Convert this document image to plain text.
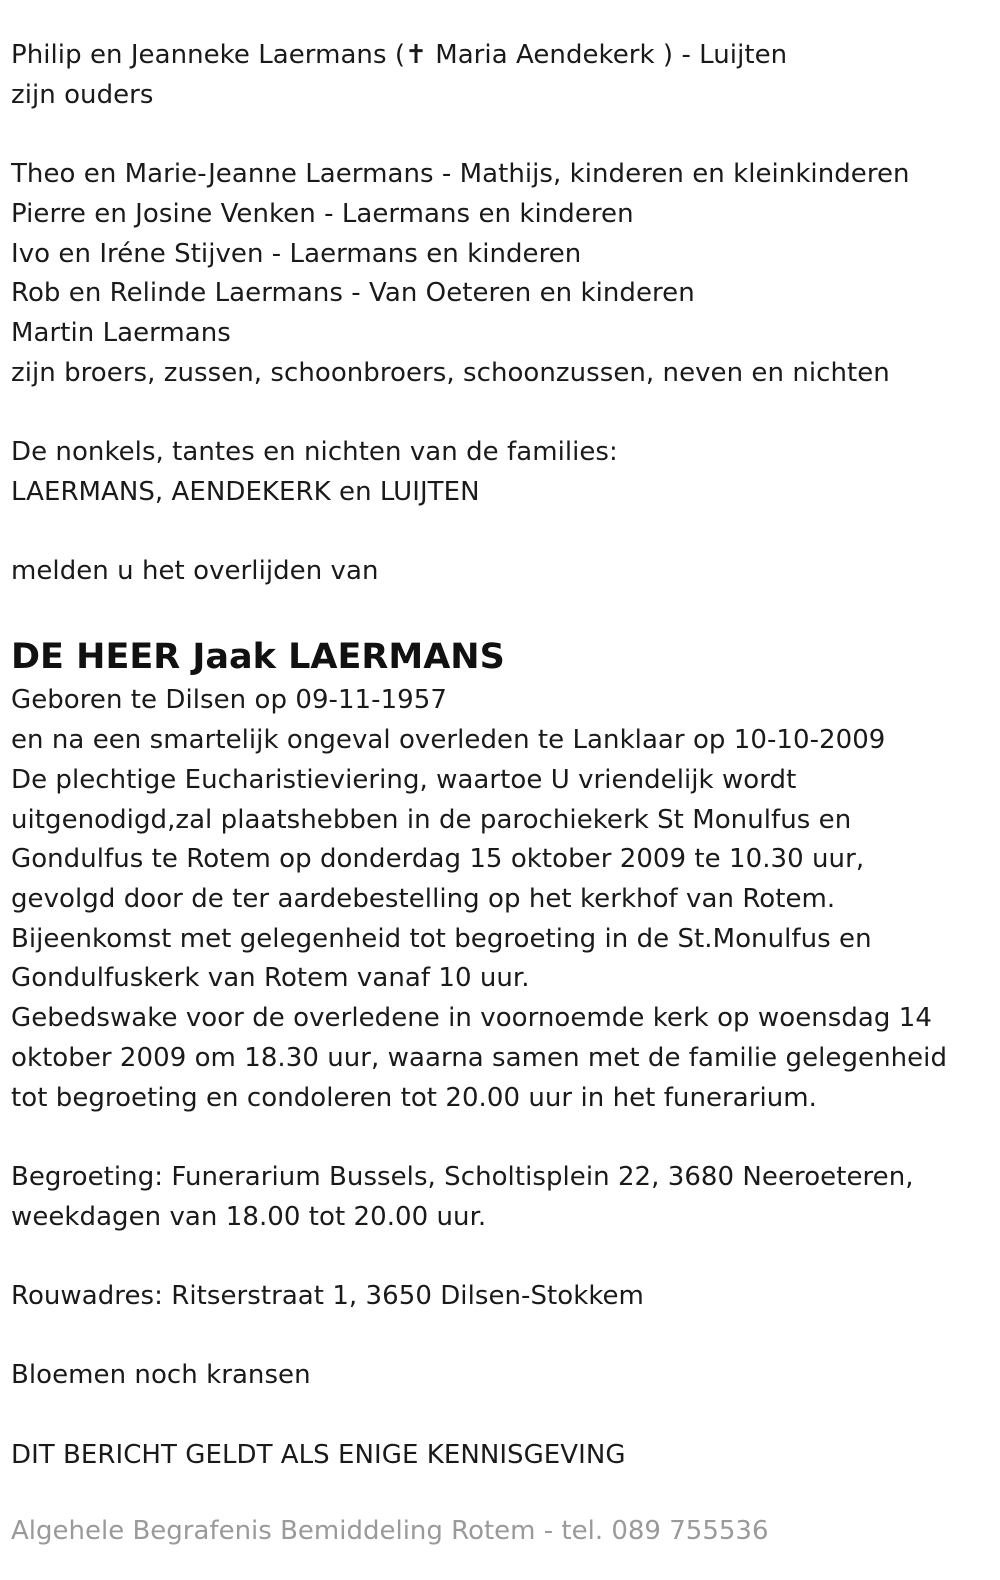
Philip en Jeanneke Laermans (✝ Maria Aendekerk ) - Luijten
zijn ouders
Theo en Marie-Jeanne Laermans - Mathijs, kinderen en kleinkinderen
Pierre en Josine Venken - Laermans en kinderen
Ivo en Iréne Stijven - Laermans en kinderen
Rob en Relinde Laermans - Van Oeteren en kinderen
Martin Laermans
zijn broers, zussen, schoonbroers, schoonzussen, neven en nichten
De nonkels, tantes en nichten van de families:
LAERMANS, AENDEKERK en LUIJTEN
melden u het overlijden van
DE HEER Jaak LAERMANS
Geboren te Dilsen op 09-11-1957
en na een smartelijk ongeval overleden te Lanklaar op 10-10-2009
De plechtige Eucharistieviering, waartoe U vriendelijk wordt
uitgenodigd,zal plaatshebben in de parochiekerk St Monulfus en
Gondulfus te Rotem op donderdag 15 oktober 2009 te 10.30 uur,
gevolgd door de ter aardebestelling op het kerkhof van Rotem.
Bijeenkomst met gelegenheid tot begroeting in de St.Monulfus en
Gondulfuskerk van Rotem vanaf 10 uur.
Gebedswake voor de overledene in voornoemde kerk op woensdag 14
oktober 2009 om 18.30 uur, waarna samen met de familie gelegenheid
tot begroeting en condoleren tot 20.00 uur in het funerarium.
Begroeting: Funerarium Bussels, Scholtisplein 22, 3680 Neeroeteren,
weekdagen van 18.00 tot 20.00 uur.
Rouwadres: Ritserstraat 1, 3650 Dilsen-Stokkem
Bloemen noch kransen
DIT BERICHT GELDT ALS ENIGE KENNISGEVING
Algehele Begrafenis Bemiddeling Rotem - tel. 089 755536
